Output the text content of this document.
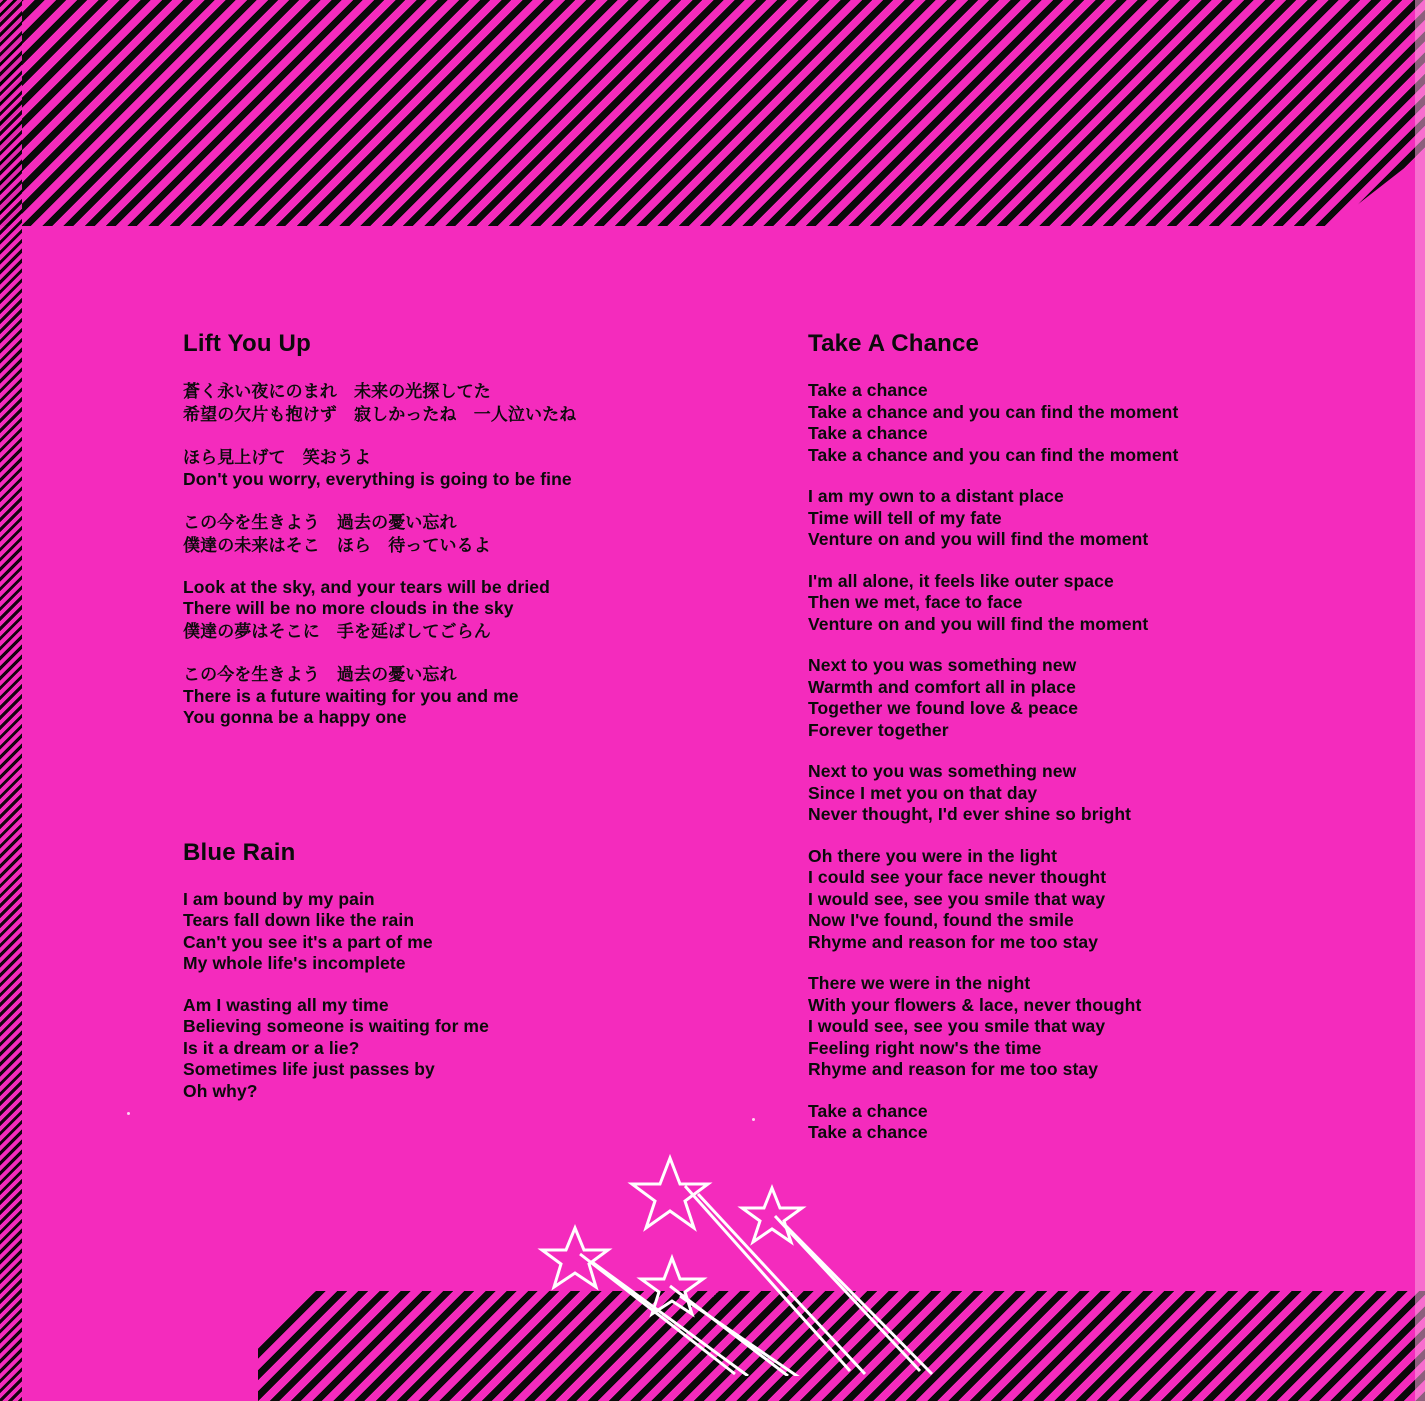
Lift You Up
蒼く永い夜にのまれ　未来の光探してた
希望の欠片も抱けず　寂しかったね　一人泣いたね
ほら見上げて　笑おうよ
Don't you worry, everything is going to be fine
この今を生きよう　過去の憂い忘れ
僕達の未来はそこ　ほら　待っているよ
Look at the sky, and your tears will be dried
There will be no more clouds in the sky
僕達の夢はそこに　手を延ばしてごらん
この今を生きよう　過去の憂い忘れ
There is a future waiting for you and me
You gonna be a happy one
Blue Rain
I am bound by my pain
Tears fall down like the rain
Can't you see it's a part of me
My whole life's incomplete
Am I wasting all my time
Believing someone is waiting for me
Is it a dream or a lie?
Sometimes life just passes by
Oh why?
Take A Chance
Take a chance
Take a chance and you can find the moment
Take a chance
Take a chance and you can find the moment
I am my own to a distant place
Time will tell of my fate
Venture on and you will find the moment
I'm all alone, it feels like outer space
Then we met, face to face
Venture on and you will find the moment
Next to you was something new
Warmth and comfort all in place
Together we found love & peace
Forever together
Next to you was something new
Since I met you on that day
Never thought, I'd ever shine so bright
Oh there you were in the light
I could see your face never thought
I would see, see you smile that way
Now I've found, found the smile
Rhyme and reason for me too stay
There we were in the night
With your flowers & lace, never thought
I would see, see you smile that way
Feeling right now's the time
Rhyme and reason for me too stay
Take a chance
Take a chance
